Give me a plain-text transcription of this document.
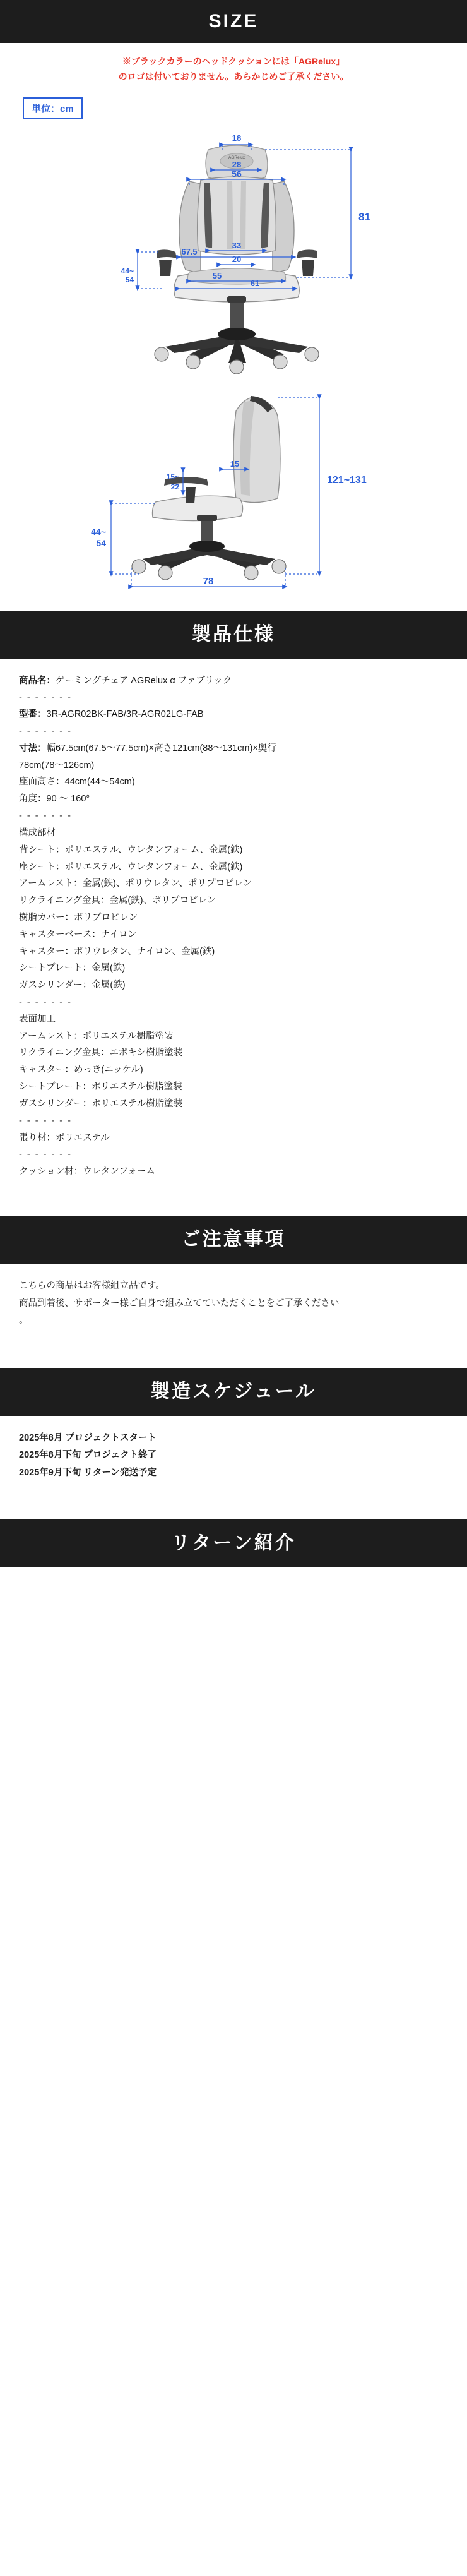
SIZE
※ブラックカラーのヘッドクッションには「AGRelux」
のロゴは付いておりません。あらかじめご了承ください。
単位：cm
AGRelux
18
28
56
81
33
20
67.5
55
61
44~
54
15
15~
22
121~131
44~
54
78
製品仕様
商品名：ゲーミングチェア AGRelux α ファブリック
- - - - - - -
型番：3R-AGR02BK-FAB/3R-AGR02LG-FAB
- - - - - - -
寸法：幅67.5cm(67.5～77.5cm)×高さ121cm(88～131cm)×奥行
78cm(78～126cm)
座面高さ：44cm(44～54cm)
角度：90 ～ 160°
- - - - - - -
構成部材
背シート：ポリエステル、ウレタンフォーム、金属(鉄)
座シート：ポリエステル、ウレタンフォーム、金属(鉄)
アームレスト：金属(鉄)、ポリウレタン、ポリプロピレン
リクライニング金具：金属(鉄)、ポリプロピレン
樹脂カバー：ポリプロピレン
キャスターベース：ナイロン
キャスター：ポリウレタン、ナイロン、金属(鉄)
シートプレート：金属(鉄)
ガスシリンダー：金属(鉄)
- - - - - - -
表面加工
アームレスト：ポリエステル樹脂塗装
リクライニング金具：エポキシ樹脂塗装
キャスター：めっき(ニッケル)
シートプレート：ポリエステル樹脂塗装
ガスシリンダー：ポリエステル樹脂塗装
- - - - - - -
張り材：ポリエステル
- - - - - - -
クッション材：ウレタンフォーム
ご注意事項
こちらの商品はお客様組立品です。
商品到着後、サポーター様ご自身で組み立てていただくことをご了承ください
。
製造スケジュール
2025年8月 プロジェクトスタート
2025年8月下旬 プロジェクト終了
2025年9月下旬 リターン発送予定
リターン紹介
